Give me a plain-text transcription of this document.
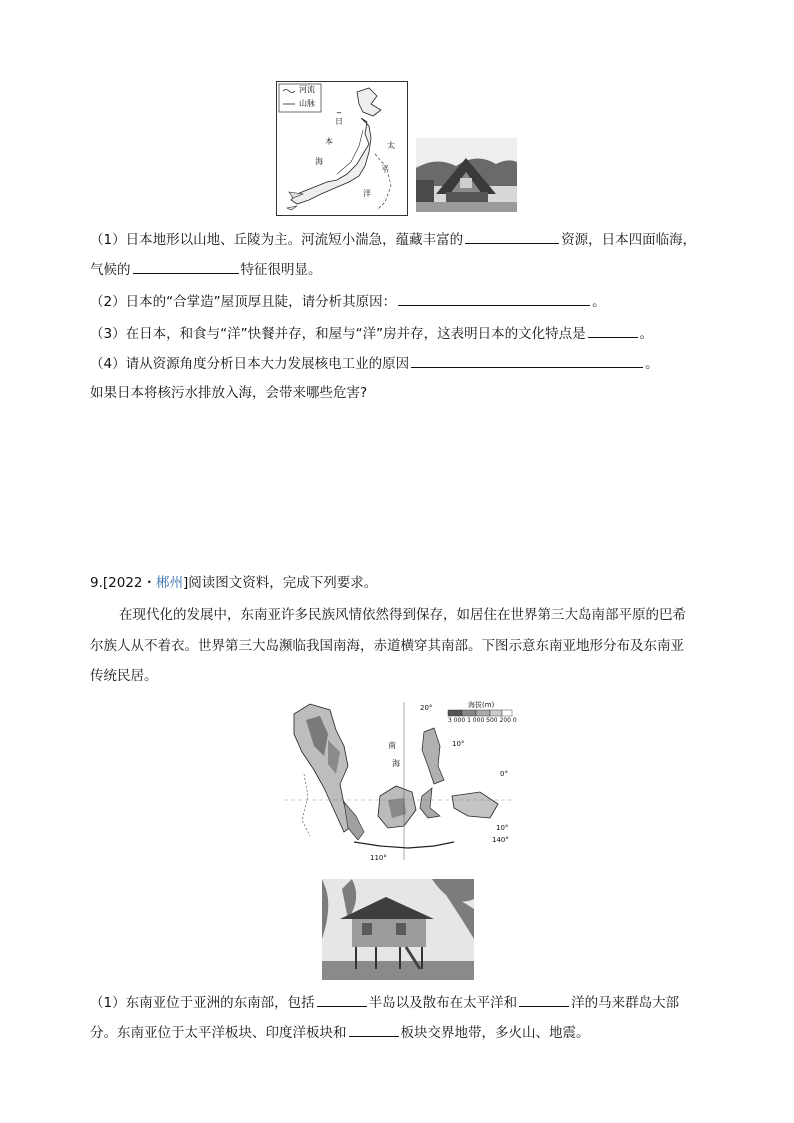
河流
山脉
日
本
海
太
平
洋
（1）日本地形以山地、丘陵为主。河流短小湍急，蕴藏丰富的	资源，日本四面临海，
气候的	特征很明显。
（2）日本的“合掌造”屋顶厚且陡，请分析其原因：	。
（3）在日本，和食与“洋”快餐并存，和屋与“洋”房并存，这表明日本的文化特点是	。
（4）请从资源角度分析日本大力发展核电工业的原因	。
如果日本将核污水排放入海，会带来哪些危害?
9.[2022・郴州]阅读图文资料，完成下列要求。
在现代化的发展中，东南亚许多民族风情依然得到保存，如居住在世界第三大岛南部平原的巴希
尔族人从不着衣。世界第三大岛濒临我国南海，赤道横穿其南部。下图示意东南亚地形分布及东南亚
传统民居。
海拔(m)
3 000 1 000 500 200 0
20°
10°
0°
10°
140°
110°
南
海
（1）东南亚位于亚洲的东南部，包括	半岛以及散布在太平洋和	洋的马来群岛大部
分。东南亚位于太平洋板块、印度洋板块和	板块交界地带，多火山、地震。
